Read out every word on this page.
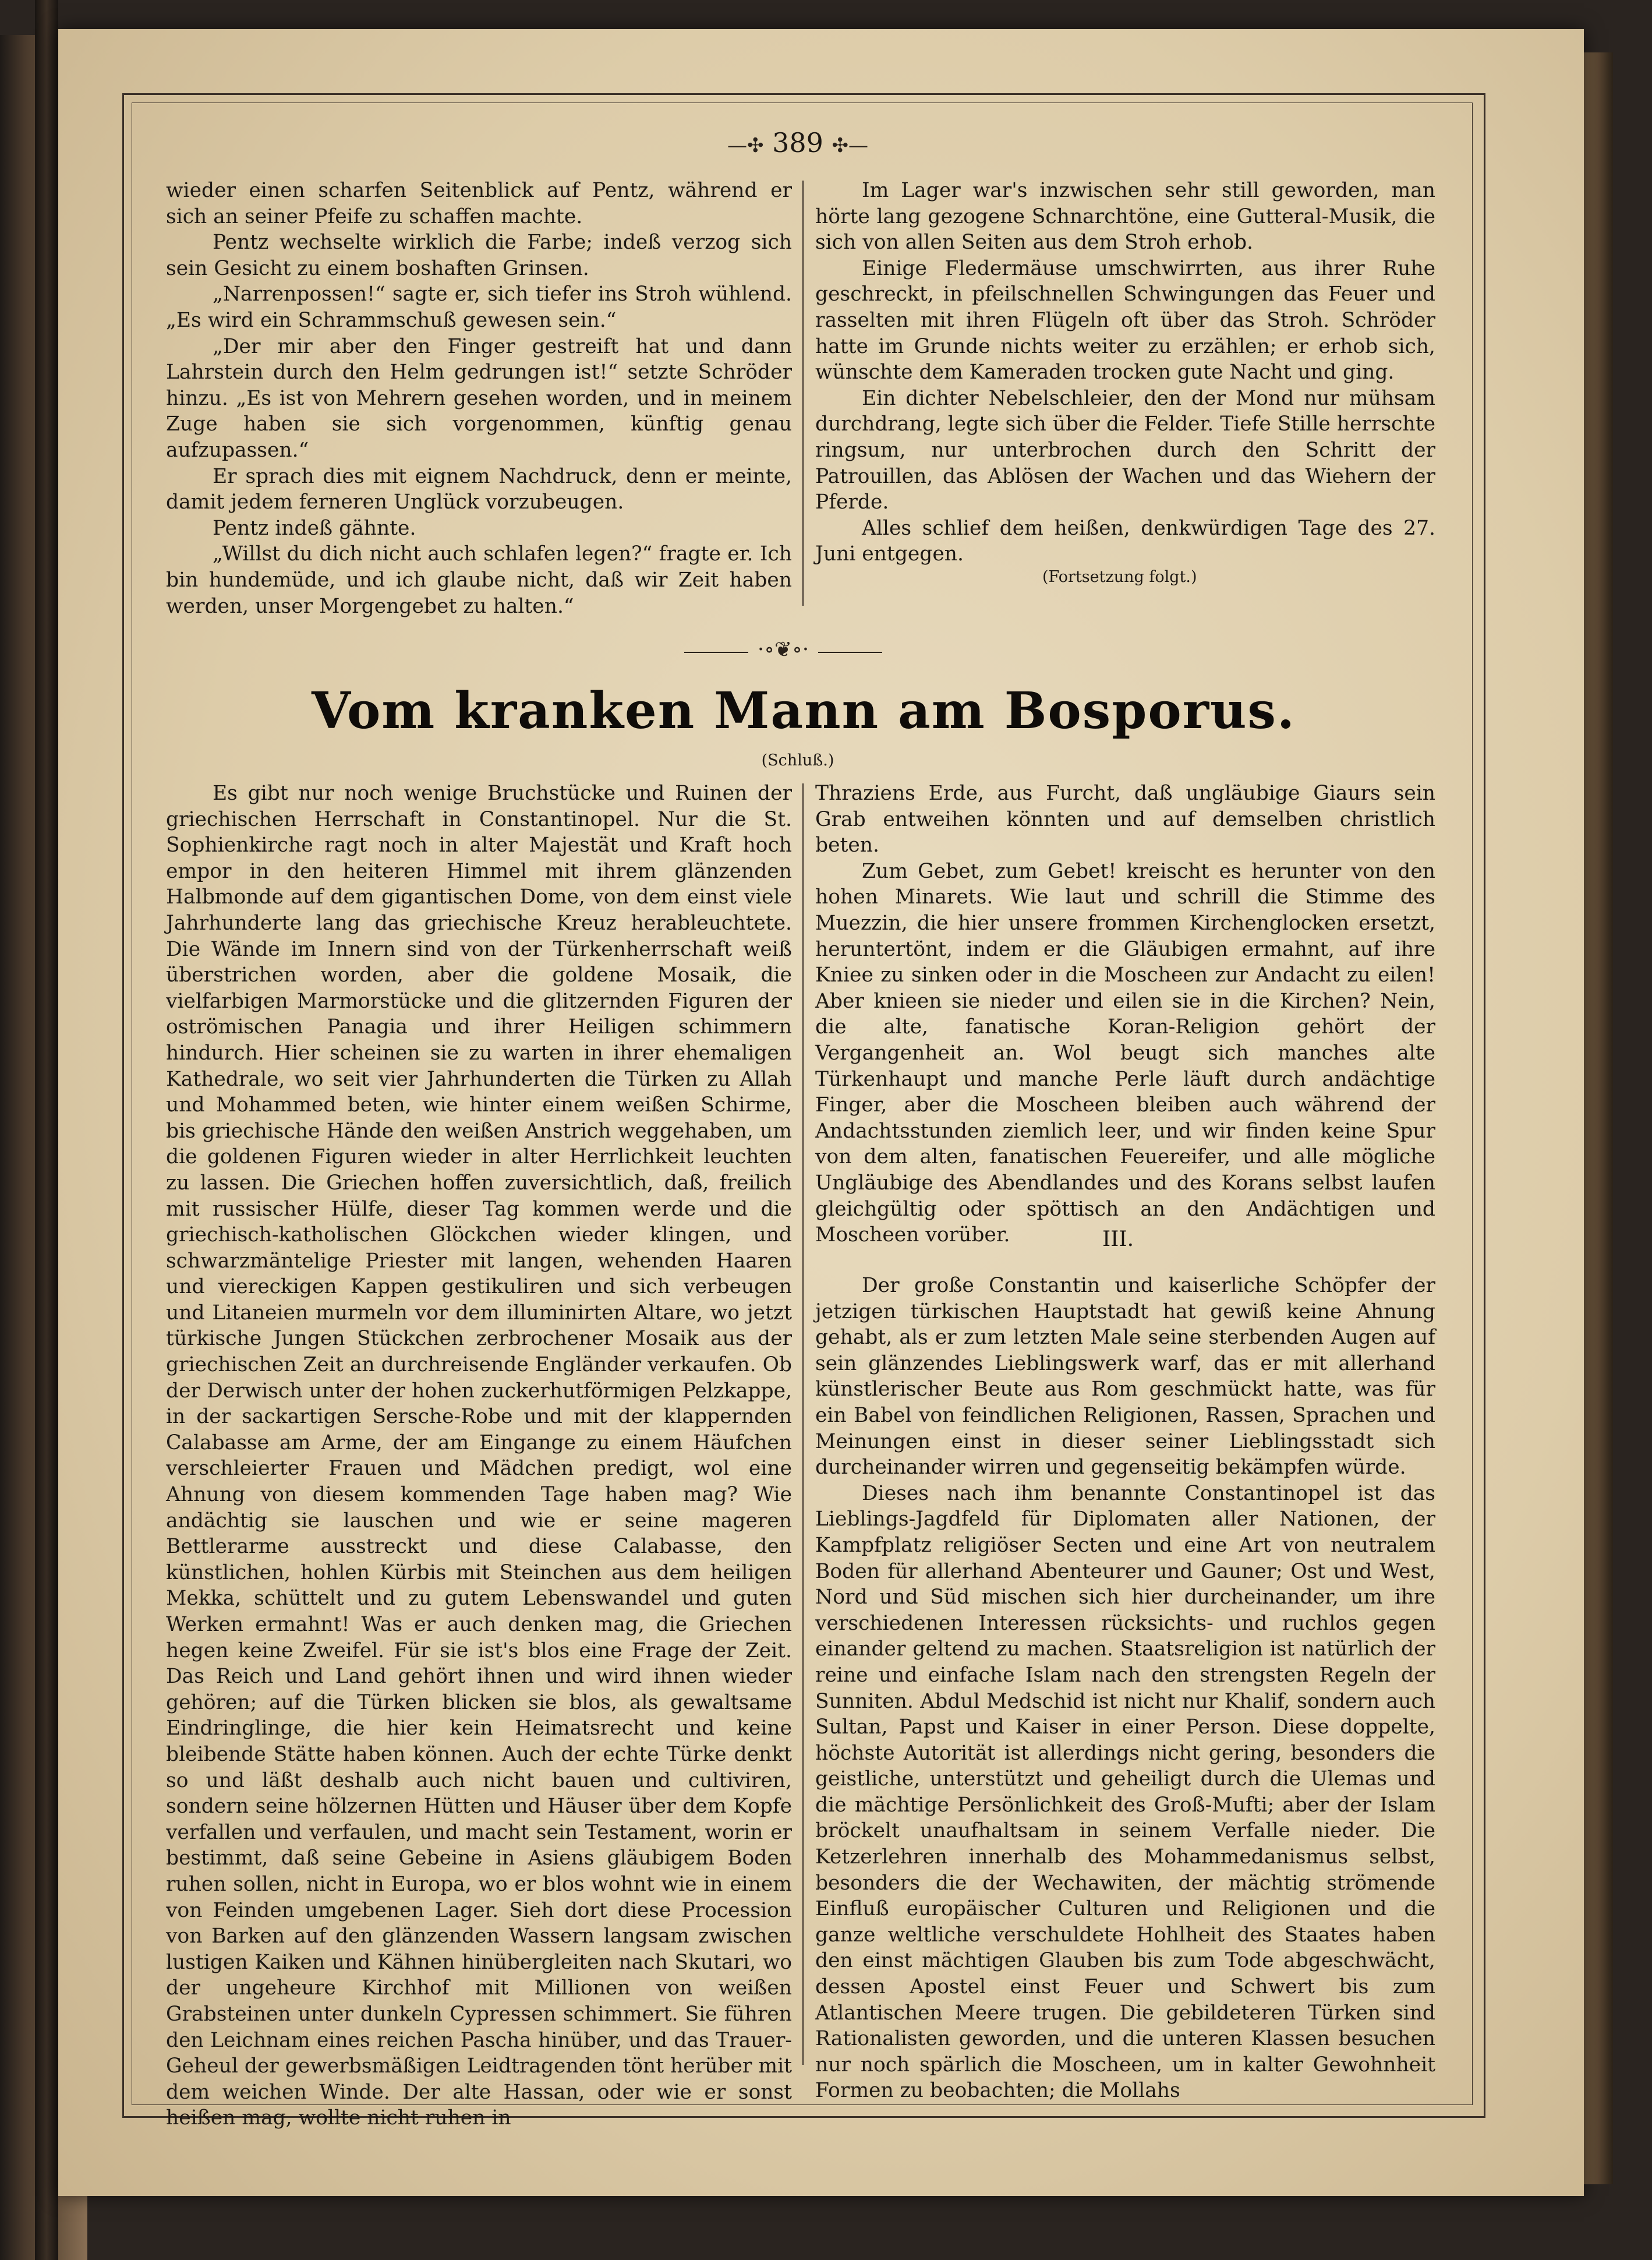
—✣ 389 ✣—

wieder einen scharfen Seitenblick auf Pentz, während er sich an seiner Pfeife zu schaffen machte.

Pentz wechselte wirklich die Farbe; indeß verzog sich sein Gesicht zu einem boshaften Grinsen.

„Narrenpossen!“ sagte er, sich tiefer ins Stroh wühlend. „Es wird ein Schrammschuß gewesen sein.“

„Der mir aber den Finger gestreift hat und dann Lahrstein durch den Helm gedrungen ist!“ setzte Schröder hinzu. „Es ist von Mehrern gesehen worden, und in meinem Zuge haben sie sich vorgenommen, künftig genau aufzupassen.“

Er sprach dies mit eignem Nachdruck, denn er meinte, damit jedem ferneren Unglück vorzubeugen.

Pentz indeß gähnte.

„Willst du dich nicht auch schlafen legen?“ fragte er. Ich bin hundemüde, und ich glaube nicht, daß wir Zeit haben werden, unser Morgengebet zu halten.“

Im Lager war's inzwischen sehr still geworden, man hörte lang gezogene Schnarchtöne, eine Gutteral-Musik, die sich von allen Seiten aus dem Stroh erhob.

Einige Fledermäuse umschwirrten, aus ihrer Ruhe geschreckt, in pfeilschnellen Schwingungen das Feuer und rasselten mit ihren Flügeln oft über das Stroh. Schröder hatte im Grunde nichts weiter zu erzählen; er erhob sich, wünschte dem Kameraden trocken gute Nacht und ging.

Ein dichter Nebelschleier, den der Mond nur mühsam durchdrang, legte sich über die Felder. Tiefe Stille herrschte ringsum, nur unterbrochen durch den Schritt der Patrouillen, das Ablösen der Wachen und das Wiehern der Pferde.

Alles schlief dem heißen, denkwürdigen Tage des 27. Juni entgegen.

(Fortsetzung folgt.)
·∘❦∘·
Vom kranken Mann am Bosporus.
(Schluß.)

Es gibt nur noch wenige Bruchstücke und Ruinen der griechischen Herrschaft in Constantinopel. Nur die St. Sophienkirche ragt noch in alter Majestät und Kraft hoch empor in den heiteren Himmel mit ihrem glänzenden Halbmonde auf dem gigantischen Dome, von dem einst viele Jahrhunderte lang das griechische Kreuz herableuchtete. Die Wände im Innern sind von der Türkenherrschaft weiß überstrichen worden, aber die goldene Mosaik, die vielfarbigen Marmorstücke und die glitzernden Figuren der oströmischen Panagia und ihrer Heiligen schimmern hindurch. Hier scheinen sie zu warten in ihrer ehemaligen Kathedrale, wo seit vier Jahrhunderten die Türken zu Allah und Mohammed beten, wie hinter einem weißen Schirme, bis griechische Hände den weißen Anstrich weggehaben, um die goldenen Figuren wieder in alter Herrlichkeit leuchten zu lassen. Die Griechen hoffen zuversichtlich, daß, freilich mit russischer Hülfe, dieser Tag kommen werde und die griechisch-katholischen Glöckchen wieder klingen, und schwarzmäntelige Priester mit langen, wehenden Haaren und viereckigen Kappen gestikuliren und sich verbeugen und Litaneien murmeln vor dem illuminirten Altare, wo jetzt türkische Jungen Stückchen zerbrochener Mosaik aus der griechischen Zeit an durchreisende Engländer verkaufen. Ob der Derwisch unter der hohen zuckerhutförmigen Pelzkappe, in der sackartigen Sersche-Robe und mit der klappernden Calabasse am Arme, der am Eingange zu einem Häufchen verschleierter Frauen und Mädchen predigt, wol eine Ahnung von diesem kommenden Tage haben mag? Wie andächtig sie lauschen und wie er seine mageren Bettlerarme ausstreckt und diese Calabasse, den künstlichen, hohlen Kürbis mit Steinchen aus dem heiligen Mekka, schüttelt und zu gutem Lebenswandel und guten Werken ermahnt! Was er auch denken mag, die Griechen hegen keine Zweifel. Für sie ist's blos eine Frage der Zeit. Das Reich und Land gehört ihnen und wird ihnen wieder gehören; auf die Türken blicken sie blos, als gewaltsame Eindringlinge, die hier kein Heimatsrecht und keine bleibende Stätte haben können. Auch der echte Türke denkt so und läßt deshalb auch nicht bauen und cultiviren, sondern seine hölzernen Hütten und Häuser über dem Kopfe verfallen und verfaulen, und macht sein Testament, worin er bestimmt, daß seine Gebeine in Asiens gläubigem Boden ruhen sollen, nicht in Europa, wo er blos wohnt wie in einem von Feinden umgebenen Lager. Sieh dort diese Procession von Barken auf den glänzenden Wassern langsam zwischen lustigen Kaiken und Kähnen hinübergleiten nach Skutari, wo der ungeheure Kirchhof mit Millionen von weißen Grabsteinen unter dunkeln Cypressen schimmert. Sie führen den Leichnam eines reichen Pascha hinüber, und das Trauer-Geheul der gewerbsmäßigen Leidtragenden tönt herüber mit dem weichen Winde. Der alte Hassan, oder wie er sonst heißen mag, wollte nicht ruhen in

Thraziens Erde, aus Furcht, daß ungläubige Giaurs sein Grab entweihen könnten und auf demselben christlich beten.

Zum Gebet, zum Gebet! kreischt es herunter von den hohen Minarets. Wie laut und schrill die Stimme des Muezzin, die hier unsere frommen Kirchenglocken ersetzt, heruntertönt, indem er die Gläubigen ermahnt, auf ihre Kniee zu sinken oder in die Moscheen zur Andacht zu eilen! Aber knieen sie nieder und eilen sie in die Kirchen? Nein, die alte, fanatische Koran-Religion gehört der Vergangenheit an. Wol beugt sich manches alte Türkenhaupt und manche Perle läuft durch andächtige Finger, aber die Moscheen bleiben auch während der Andachtsstunden ziemlich leer, und wir finden keine Spur von dem alten, fanatischen Feuereifer, und alle mögliche Ungläubige des Abendlandes und des Korans selbst laufen gleichgültig oder spöttisch an den Andächtigen und Moscheen vorüber.	III.

Der große Constantin und kaiserliche Schöpfer der jetzigen türkischen Hauptstadt hat gewiß keine Ahnung gehabt, als er zum letzten Male seine sterbenden Augen auf sein glänzendes Lieblingswerk warf, das er mit allerhand künstlerischer Beute aus Rom geschmückt hatte, was für ein Babel von feindlichen Religionen, Rassen, Sprachen und Meinungen einst in dieser seiner Lieblingsstadt sich durcheinander wirren und gegenseitig bekämpfen würde.

Dieses nach ihm benannte Constantinopel ist das Lieblings-Jagdfeld für Diplomaten aller Nationen, der Kampfplatz religiöser Secten und eine Art von neutralem Boden für allerhand Abenteurer und Gauner; Ost und West, Nord und Süd mischen sich hier durcheinander, um ihre verschiedenen Interessen rücksichts- und ruchlos gegen einander geltend zu machen. Staatsreligion ist natürlich der reine und einfache Islam nach den strengsten Regeln der Sunniten. Abdul Medschid ist nicht nur Khalif, sondern auch Sultan, Papst und Kaiser in einer Person. Diese doppelte, höchste Autorität ist allerdings nicht gering, besonders die geistliche, unterstützt und geheiligt durch die Ulemas und die mächtige Persönlichkeit des Groß-Mufti; aber der Islam bröckelt unaufhaltsam in seinem Verfalle nieder. Die Ketzerlehren innerhalb des Mohammedanismus selbst, besonders die der Wechawiten, der mächtig strömende Einfluß europäischer Culturen und Religionen und die ganze weltliche verschuldete Hohlheit des Staates haben den einst mächtigen Glauben bis zum Tode abgeschwächt, dessen Apostel einst Feuer und Schwert bis zum Atlantischen Meere trugen. Die gebildeteren Türken sind Rationalisten geworden, und die unteren Klassen besuchen nur noch spärlich die Moscheen, um in kalter Gewohnheit Formen zu beobachten; die Mollahs
